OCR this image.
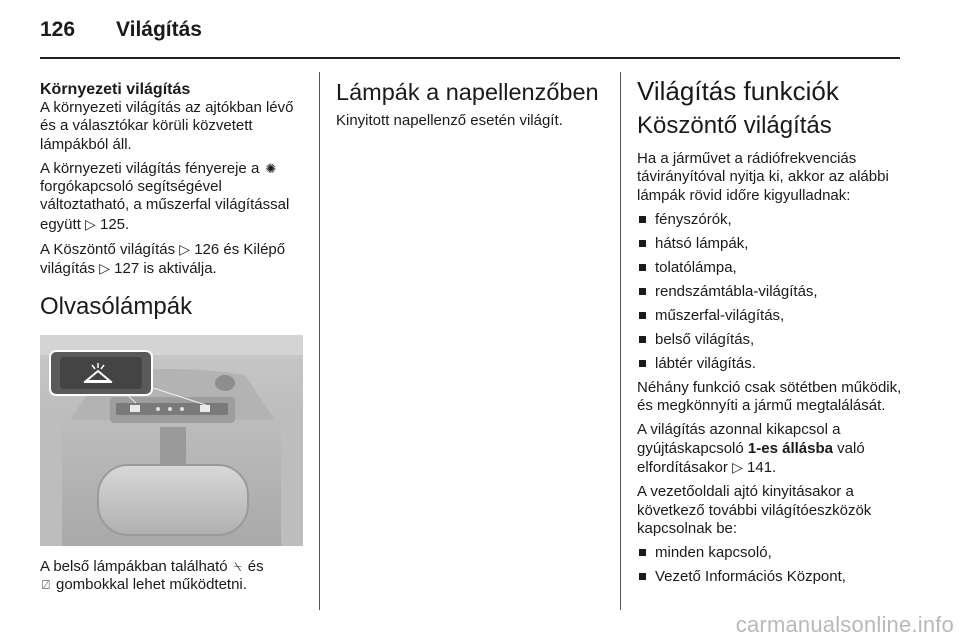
126	Világítás
Környezeti világítás

A környezeti világítás az ajtókban lévő és a választókar körüli közvetett lámpákból áll.

A környezeti világítás fényereje a ✺ forgókapcsoló segítségével változtatható, a műszerfal világítással együtt ▷ 125.

A Köszöntő világítás ▷ 126 és Kilépő világítás ▷ 127 is aktiválja.

Olvasólámpák

A belső lámpákban található ⍀ és
⍁ gombokkal lehet működtetni.

Lámpák a napellenzőben

Kinyitott napellenző esetén világít.

Világítás funkciók
Köszöntő világítás

Ha a járművet a rádiófrekvenciás távirányítóval nyitja ki, akkor az alábbi lámpák rövid időre kigyulladnak:

fényszórók,
hátsó lámpák,
tolatólámpa,
rendszámtábla-világítás,
műszerfal-világítás,
belső világítás,
lábtér világítás.

Néhány funkció csak sötétben működik, és megkönnyíti a jármű megtalálását.

A világítás azonnal kikapcsol a gyújtáskapcsoló 1-es állásba való elfordításakor ▷ 141.

A vezetőoldali ajtó kinyitásakor a következő további világítóeszközök kapcsolnak be:

minden kapcsoló,
Vezető Információs Központ,
carmanualsonline.info
